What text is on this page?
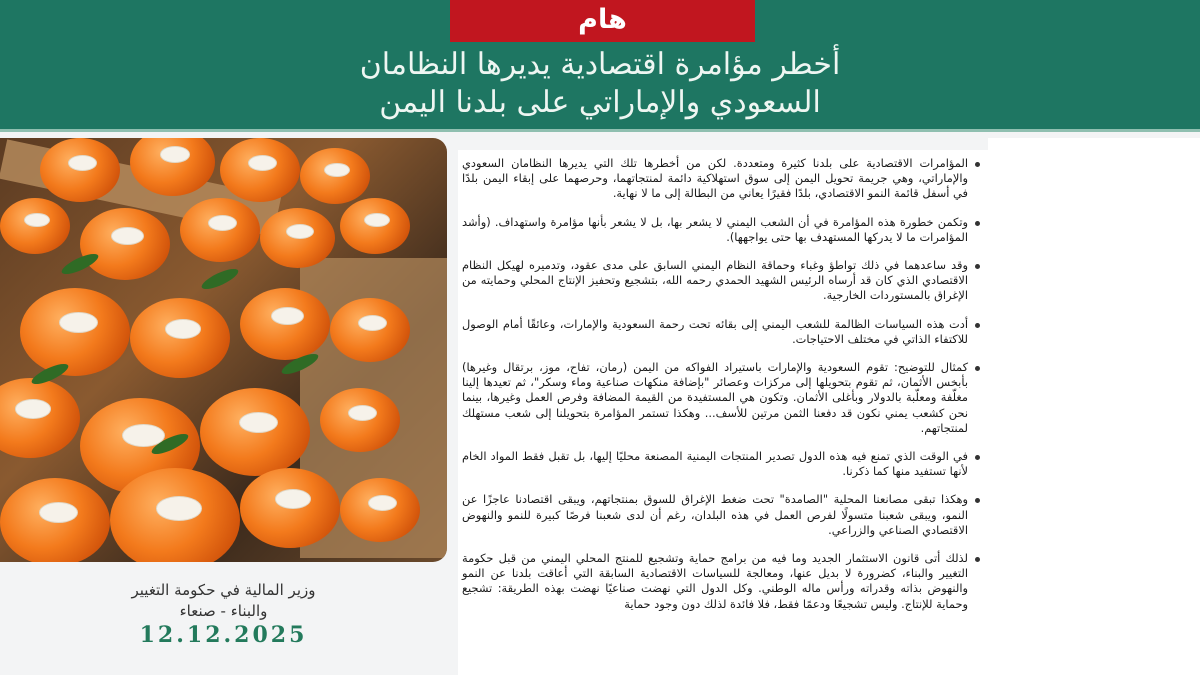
هام
أخطر مؤامرة اقتصادية يديرها النظامان
السعودي والإماراتي على بلدنا اليمن
وزير المالية في حكومة التغيير
والبناء - صنعاء
12.12.2025
المؤامرات الاقتصادية على بلدنا كثيرة ومتعددة. لكن من أخطرها تلك التي يديرها النظامان السعودي والإماراتي، وهي جريمة تحويل اليمن إلى سوق استهلاكية دائمة لمنتجاتهما، وحرصهما على إبقاء اليمن بلدًا في أسفل قائمة النمو الاقتصادي، بلدًا فقيرًا يعاني من البطالة إلى ما لا نهاية.
وتكمن خطورة هذه المؤامرة في أن الشعب اليمني لا يشعر بها، بل لا يشعر بأنها مؤامرة واستهداف. (وأشد المؤامرات ما لا يدركها المستهدف بها حتى يواجهها).
وقد ساعدهما في ذلك تواطؤ وغباء وحماقة النظام اليمني السابق على مدى عقود، وتدميره لهيكل النظام الاقتصادي الذي كان قد أرساه الرئيس الشهيد الحمدي رحمه الله، بتشجيع وتحفيز الإنتاج المحلي وحمايته من الإغراق بالمستوردات الخارجية.
أدت هذه السياسات الظالمة للشعب اليمني إلى بقائه تحت رحمة السعودية والإمارات، وعائقًا أمام الوصول للاكتفاء الذاتي في مختلف الاحتياجات.
كمثال للتوضيح: تقوم السعودية والإمارات باستيراد الفواكه من اليمن (رمان، تفاح، موز، برتقال وغيرها) بأبخس الأثمان، ثم تقوم بتحويلها إلى مركزات وعصائر "بإضافة منكهات صناعية وماء وسكر"، ثم تعيدها إلينا مغلّفة ومعلّبة بالدولار وبأغلى الأثمان. وتكون هي المستفيدة من القيمة المضافة وفرص العمل وغيرها، بينما نحن كشعب يمني نكون قد دفعنا الثمن مرتين للأسف... وهكذا تستمر المؤامرة بتحويلنا إلى شعب مستهلك لمنتجاتهم.
في الوقت الذي تمنع فيه هذه الدول تصدير المنتجات اليمنية المصنعة محليًا إليها، بل تقبل فقط المواد الخام لأنها تستفيد منها كما ذكرنا.
وهكذا تبقى مصانعنا المحلية "الصامدة" تحت ضغط الإغراق للسوق بمنتجاتهم، ويبقى اقتصادنا عاجزًا عن النمو، ويبقى شعبنا متسولًا لفرص العمل في هذه البلدان، رغم أن لدى شعبنا فرصًا كبيرة للنمو والنهوض الاقتصادي الصناعي والزراعي.
لذلك أتى قانون الاستثمار الجديد وما فيه من برامج حماية وتشجيع للمنتج المحلي اليمني من قبل حكومة التغيير والبناء، كضرورة لا بديل عنها، ومعالجة للسياسات الاقتصادية السابقة التي أعاقت بلدنا عن النمو والنهوض بذاته وقدراته ورأس ماله الوطني. وكل الدول التي نهضت صناعيًا نهضت بهذه الطريقة: تشجيع وحماية للإنتاج. وليس تشجيعًا ودعمًا فقط، فلا فائدة لذلك دون وجود حماية
